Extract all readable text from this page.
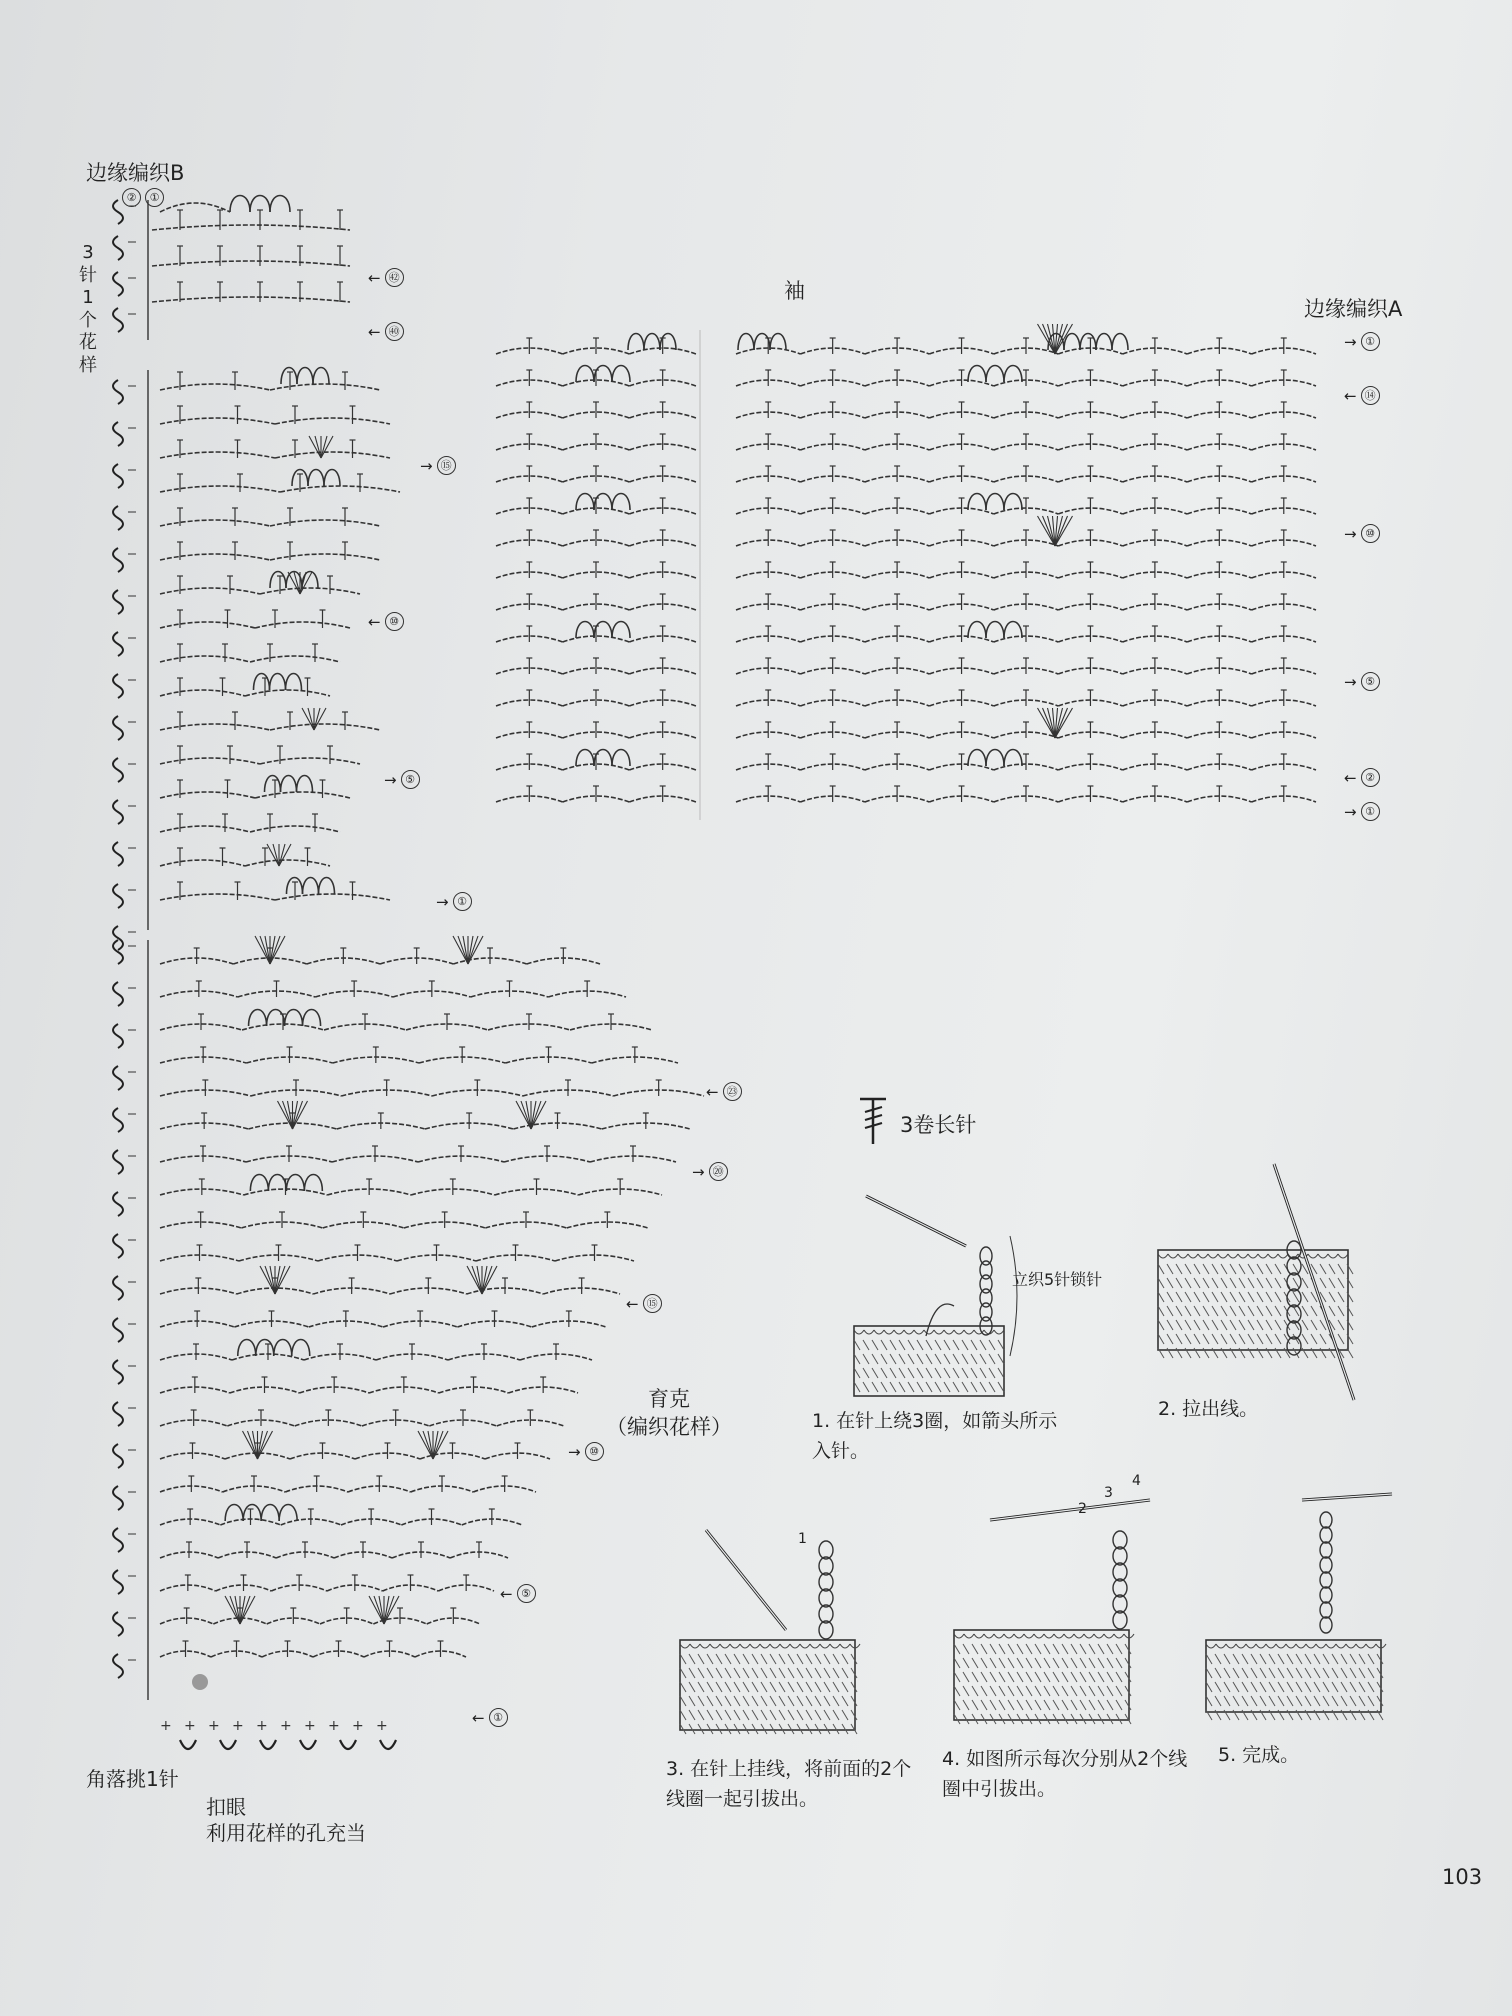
边缘编织B
② ①
3针1个花样
← ㊷
← ㊵
→ ⑮
← ⑩
→ ⑤
→ ①
+ + + + + + + + + +
← ㉓
→ ⑳
← ⑮
→ ⑩
← ⑤
← ①
育克
（编织花样）
角落挑1针
扣眼
利用花样的孔充当
袖
边缘编织A
→ ①
← ⑭
→ ⑩
→ ⑤
← ②
→ ①
3卷长针
立织5针锁针
1. 在针上绕3圈，如箭头所示入针。
2. 拉出线。
1
3. 在针上挂线，将前面的2个线圈一起引拔出。
2
3
4
4. 如图所示每次分别从2个线圈中引拔出。
5. 完成。
103
